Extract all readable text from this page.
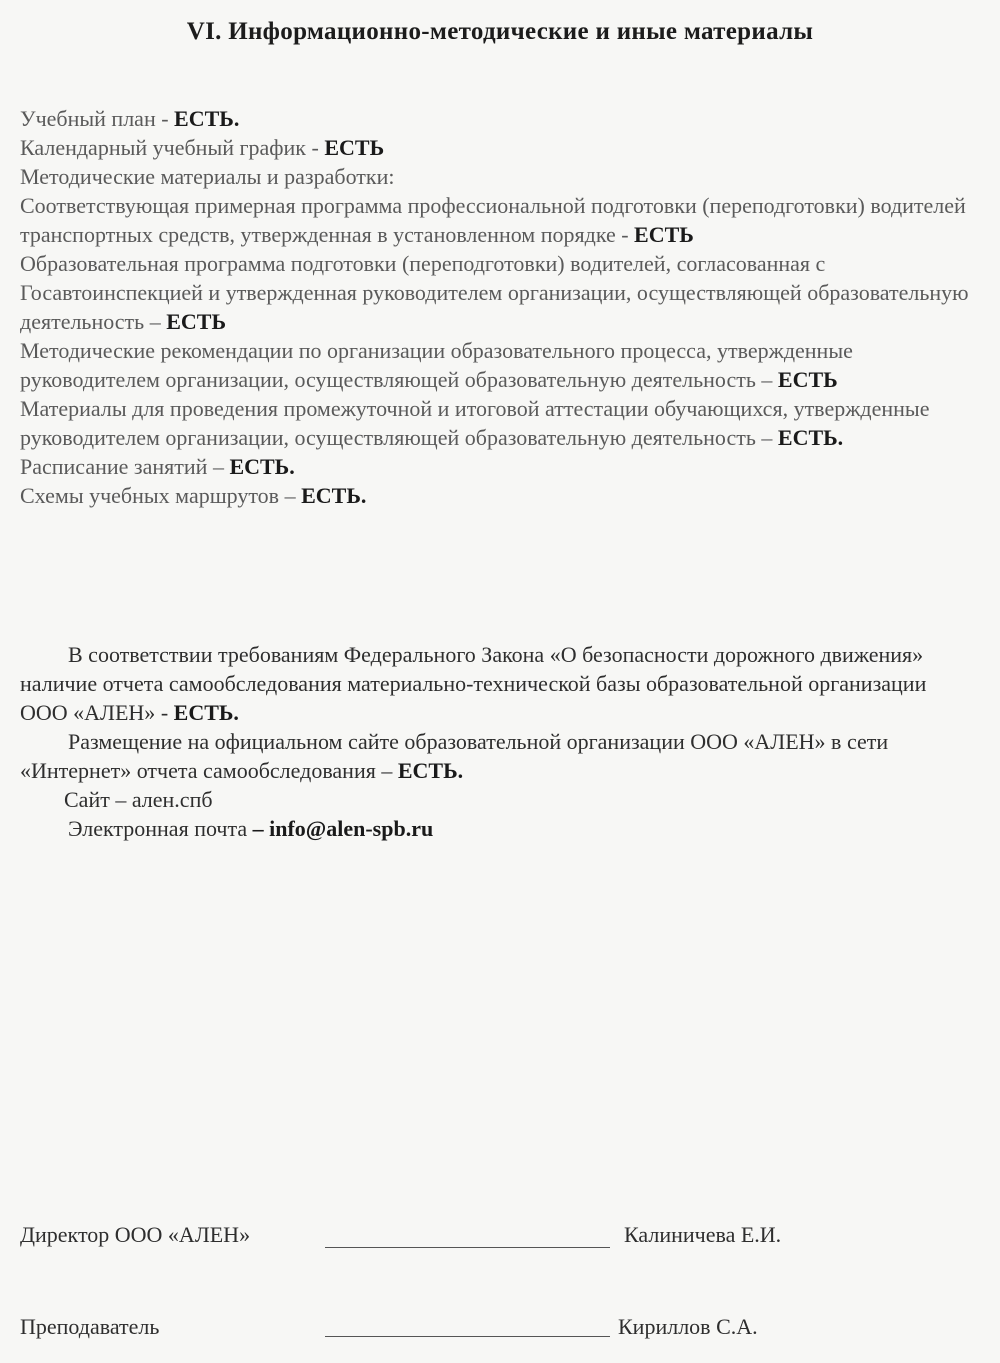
VI. Информационно-методические и иные материалы

Учебный план - ЕСТЬ.

Календарный учебный график - ЕСТЬ

Методические материалы и разработки:

Соответствующая примерная программа профессиональной подготовки (переподготовки) водителей транспортных средств, утвержденная в установленном порядке - ЕСТЬ

Образовательная программа подготовки (переподготовки) водителей, согласованная с Госавтоинспекцией и утвержденная руководителем организации, осуществляющей образовательную деятельность – ЕСТЬ

Методические рекомендации по организации образовательного процесса, утвержденные руководителем организации, осуществляющей образовательную деятельность – ЕСТЬ

Материалы для проведения промежуточной и итоговой аттестации обучающихся, утвержденные руководителем организации, осуществляющей образовательную деятельность – ЕСТЬ.

Расписание занятий – ЕСТЬ.

Схемы учебных маршрутов – ЕСТЬ.

В соответствии требованиям Федерального Закона «О безопасности дорожного движения» наличие отчета самообследования материально-технической базы образовательной организации ООО «АЛЕН» - ЕСТЬ.

Размещение на официальном сайте образовательной организации ООО «АЛЕН» в сети «Интернет» отчета самообследования – ЕСТЬ.

Сайт – ален.спб

Электронная почта – info@alen-spb.ru

Директор ООО «АЛЕН»	Калиничева Е.И.
Преподаватель	Кириллов С.А.
